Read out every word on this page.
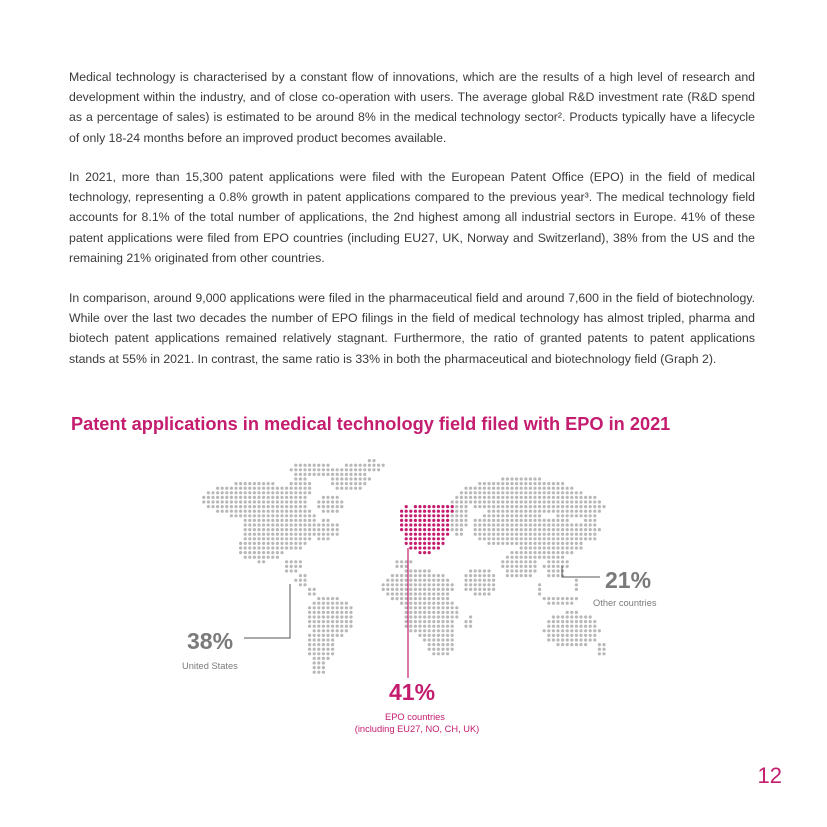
Medical technology is characterised by a constant flow of innovations, which are the results of a high level of research and development within the industry, and of close co-operation with users. The average global R&D investment rate (R&D spend as a percentage of sales) is estimated to be around 8% in the medical technology sector². Products typically have a lifecycle of only 18-24 months before an improved product becomes available.

In 2021, more than 15,300 patent applications were filed with the European Patent Office (EPO) in the field of medical technology, representing a 0.8% growth in patent applications compared to the previous year³. The medical technology field accounts for 8.1% of the total number of applications, the 2nd highest among all industrial sectors in Europe. 41% of these patent applications were filed from EPO countries (including EU27, UK, Norway and Switzerland), 38% from the US and the remaining 21% originated from other countries.

In comparison, around 9,000 applications were filed in the pharmaceutical field and around 7,600 in the field of biotechnology. While over the last two decades the number of EPO filings in the field of medical technology has almost tripled, pharma and biotech patent applications remained relatively stagnant. Furthermore, the ratio of granted patents to patent applications stands at 55% in 2021. In contrast, the same ratio is 33% in both the pharmaceutical and biotechnology field (Graph 2).

Patent applications in medical technology field filed with EPO in 2021
38%
United States
21%
Other countries
41%
EPO countries
(including EU27, NO, CH, UK)
12
